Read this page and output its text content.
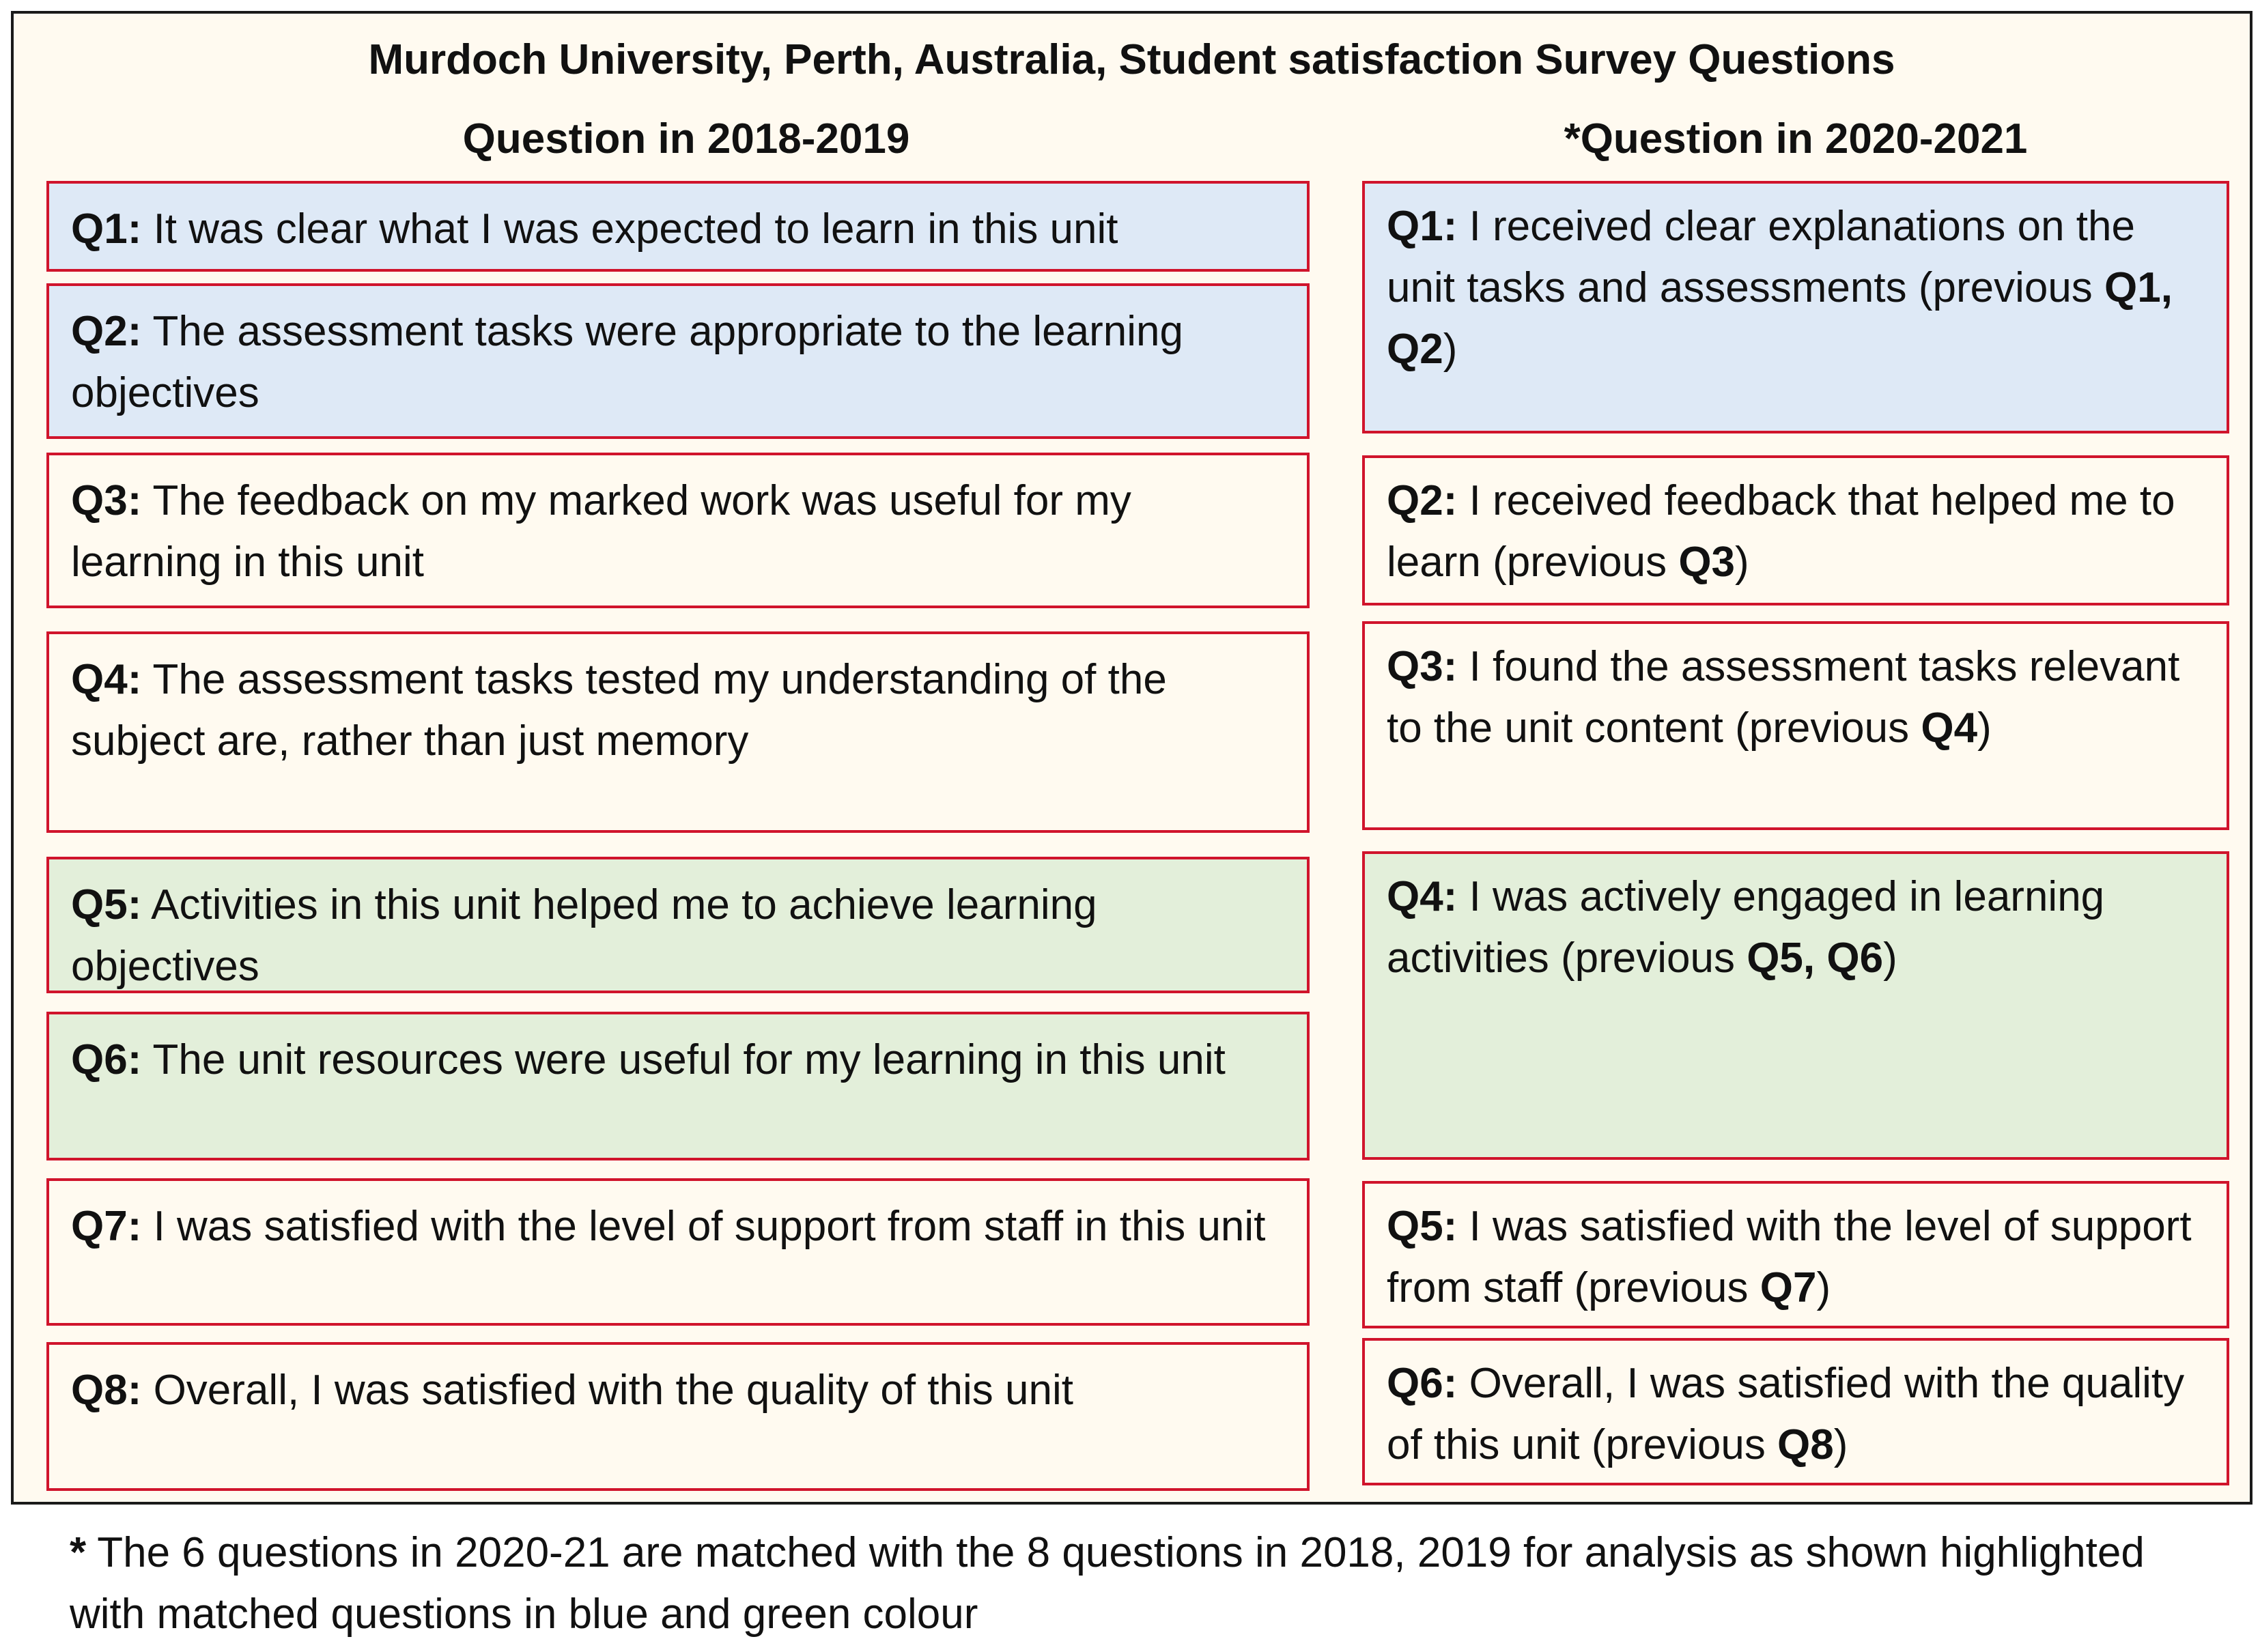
Murdoch University, Perth, Australia, Student satisfaction Survey Questions
Question in 2018-2019	*Question in 2020-2021
Q1: It was clear what I was expected to learn in this unit
Q2: The assessment tasks were appropriate to the learning objectives
Q3: The feedback on my marked work was useful for my learning in this unit
Q4: The assessment tasks tested my understanding of the subject are, rather than just memory
Q5: Activities in this unit helped me to achieve learning objectives
Q6: The unit resources were useful for my learning in this unit
Q7: I was satisfied with the level of support from staff in this unit
Q8: Overall, I was satisfied with the quality of this unit
Q1: I received clear explanations on the unit tasks and assessments (previous Q1, Q2)
Q2: I received feedback that helped me to learn (previous Q3)
Q3: I found the assessment tasks relevant to the unit content (previous Q4)
Q4: I was actively engaged in learning activities (previous Q5, Q6)
Q5: I was satisfied with the level of support from staff (previous Q7)
Q6: Overall, I was satisfied with the quality of this unit (previous Q8)
* The 6 questions in 2020-21 are matched with the 8 questions in 2018, 2019 for analysis as shown highlighted with matched questions in blue and green colour
